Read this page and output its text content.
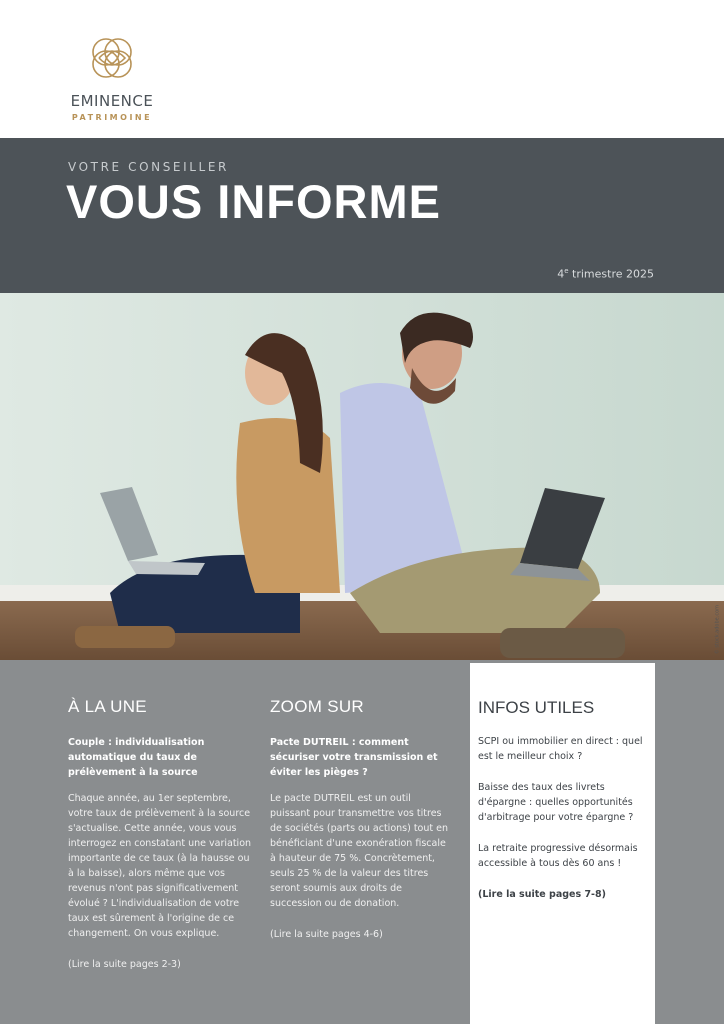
EMINENCE
PATRIMOINE
VOTRE CONSEILLER
VOUS INFORME
4e trimestre 2025
© stock.adobe.com
À LA UNE
Couple : individualisation automatique du taux de prélèvement à la source
Chaque année, au 1er septembre, votre taux de prélèvement à la source s'actualise. Cette année, vous vous interrogez en constatant une variation importante de ce taux (à la hausse ou à la baisse), alors même que vos revenus n'ont pas significativement évolué ? L'individualisation de votre taux est sûrement à l'origine de ce changement. On vous explique.
(Lire la suite pages 2-3)
ZOOM SUR
Pacte DUTREIL : comment sécuriser votre transmission et éviter les pièges ?
Le pacte DUTREIL est un outil puissant pour transmettre vos titres de sociétés (parts ou actions) tout en bénéficiant d'une exonération fiscale à hauteur de 75 %. Concrètement, seuls 25 % de la valeur des titres seront soumis aux droits de succession ou de donation.
(Lire la suite pages 4-6)
INFOS UTILES

SCPI ou immobilier en direct : quel est le meilleur choix ?

Baisse des taux des livrets d'épargne : quelles opportunités d'arbitrage pour votre épargne ?

La retraite progressive désormais accessible à tous dès 60 ans !

(Lire la suite pages 7-8)
